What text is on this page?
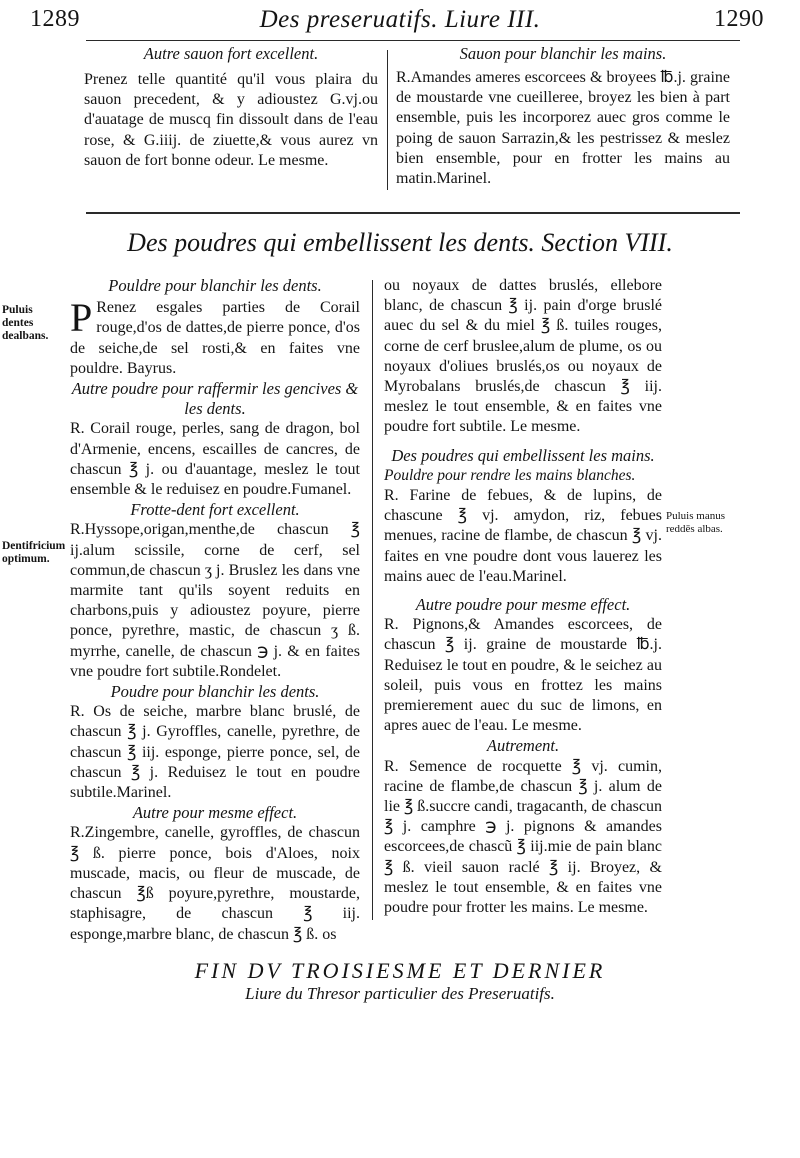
1289	Des preseruatifs. Liure III.	1290
Autre sauon fort excellent.

Prenez telle quantité qu'il vous plaira du sauon precedent, & y adioustez G.vj.ou d'auatage de muscq fin dissoult dans de l'eau rose, & G.iiij. de ziuette,& vous aurez vn sauon de fort bonne odeur. Le mesme.

Sauon pour blanchir les mains.

R.Amandes ameres escorcees & broyees ℔.j. graine de moustarde vne cueilleree, broyez les bien à part ensemble, puis les incorporez auec gros comme le poing de sauon Sarrazin,& les pestrissez & meslez bien ensemble, pour en frotter les mains au matin.Marinel.

Des poudres qui embellissent les dents. Section VIII.
Puluis dentes dealbans.
Dentifricium optimum.
Pouldre pour blanchir les dents.

P Renez esgales parties de Corail rouge,d'os de dattes,de pierre ponce, d'os de seiche,de sel rosti,& en faites vne pouldre. Bayrus.

Autre poudre pour raffermir les gencives & les dents.

R. Corail rouge, perles, sang de dragon, bol d'Armenie, encens, escailles de cancres, de chascun ℥ j. ou d'auantage, meslez le tout ensemble & le reduisez en poudre.Fumanel.

Frotte-dent fort excellent.

R.Hyssope,origan,menthe,de chascun ℥ ij.alum scissile, corne de cerf, sel commun,de chascun ʒ j. Bruslez les dans vne marmite tant qu'ils soyent reduits en charbons,puis y adioustez poyure, pierre ponce, pyrethre, mastic, de chascun ʒ ß. myrrhe, canelle, de chascun ℈ j. & en faites vne poudre fort subtile.Rondelet.

Poudre pour blanchir les dents.

R. Os de seiche, marbre blanc bruslé, de chascun ℥ j. Gyroffles, canelle, pyrethre, de chascun ℥ iij. esponge, pierre ponce, sel, de chascun ℥ j. Reduisez le tout en poudre subtile.Marinel.

Autre pour mesme effect.

R.Zingembre, canelle, gyroffles, de chascun ℥ ß. pierre ponce, bois d'Aloes, noix muscade, macis, ou fleur de muscade, de chascun ℥ß poyure,pyrethre, moustarde, staphisagre, de chascun ℥ iij. esponge,marbre blanc, de chascun ℥ ß. os

ou noyaux de dattes bruslés, ellebore blanc, de chascun ℥ ij. pain d'orge bruslé auec du sel & du miel ℥ ß. tuiles rouges, corne de cerf bruslee,alum de plume, os ou noyaux d'oliues bruslés,os ou noyaux de Myrobalans bruslés,de chascun ℥ iij. meslez le tout ensemble, & en faites vne poudre fort subtile. Le mesme.

Des poudres qui embellissent les mains.
Pouldre pour rendre les mains blanches.

R. Farine de febues, & de lupins, de chascune ℥ vj. amydon, riz, febues menues, racine de flambe, de chascun ℥ vj. faites en vne poudre dont vous lauerez les mains auec de l'eau.Marinel.

Autre poudre pour mesme effect.

R. Pignons,& Amandes escorcees, de chascun ℥ ij. graine de moustarde ℔.j. Reduisez le tout en poudre, & le seichez au soleil, puis vous en frottez les mains premierement auec du suc de limons, en apres auec de l'eau. Le mesme.

Autrement.

R. Semence de rocquette ℥ vj. cumin, racine de flambe,de chascun ℥ j. alum de lie ℥ ß.succre candi, tragacanth, de chascun ℥ j. camphre ℈ j. pignons & amandes escorcees,de chascũ ℥ iij.mie de pain blanc ℥ ß. vieil sauon raclé ℥ ij. Broyez, & meslez le tout ensemble, & en faites vne poudre pour frotter les mains. Le mesme.

Puluis manus reddēs albas.
FIN DV TROISIESME ET DERNIER
Liure du Thresor particulier des Preseruatifs.
